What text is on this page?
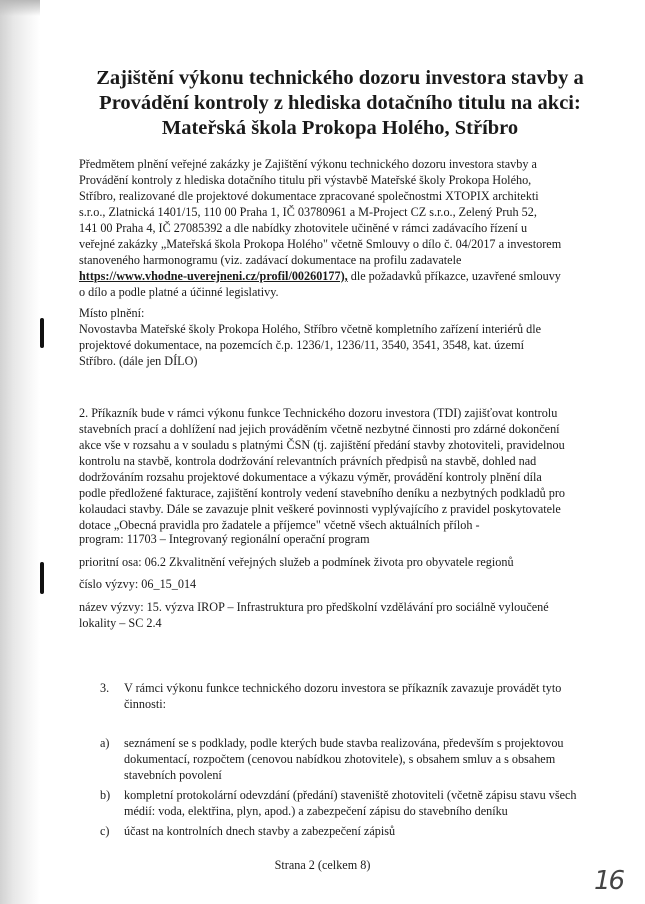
Zajištění výkonu technického dozoru investora stavby a
Provádění kontroly z hlediska dotačního titulu na akci:
Mateřská škola Prokopa Holého, Stříbro
Předmětem plnění veřejné zakázky je Zajištění výkonu technického dozoru investora stavby a
Provádění kontroly z hlediska dotačního titulu při výstavbě Mateřské školy Prokopa Holého,
Stříbro, realizované dle projektové dokumentace zpracované společnostmi XTOPIX architekti
s.r.o., Zlatnická 1401/15, 110 00 Praha 1, IČ 03780961 a M-Project CZ s.r.o., Zelený Pruh 52,
141 00 Praha 4, IČ 27085392 a dle nabídky zhotovitele učiněné v rámci zadávacího řízení u
veřejné zakázky „Mateřská škola Prokopa Holého" včetně Smlouvy o dílo č. 04/2017 a investorem
stanoveného harmonogramu (viz. zadávací dokumentace na profilu zadavatele
https://www.vhodne-uverejneni.cz/profil/00260177), dle požadavků příkazce, uzavřené smlouvy
o dílo a podle platné a účinné legislativy.
Místo plnění:
Novostavba Mateřské školy Prokopa Holého, Stříbro včetně kompletního zařízení interiérů dle
projektové dokumentace, na pozemcích č.p. 1236/1, 1236/11, 3540, 3541, 3548, kat. území
Stříbro. (dále jen DÍLO)
2. Příkazník bude v rámci výkonu funkce Technického dozoru investora (TDI) zajišťovat kontrolu
stavebních prací a dohlížení nad jejich prováděním včetně nezbytné činnosti pro zdárné dokončení
akce vše v rozsahu a v souladu s platnými ČSN (tj. zajištění předání stavby zhotoviteli, pravidelnou
kontrolu na stavbě, kontrola dodržování relevantních právních předpisů na stavbě, dohled nad
dodržováním rozsahu projektové dokumentace a výkazu výměr, provádění kontroly plnění díla
podle předložené fakturace, zajištění kontroly vedení stavebního deníku a nezbytných podkladů pro
kolaudaci stavby. Dále se zavazuje plnit veškeré povinnosti vyplývajícího z pravidel poskytovatele
dotace „Obecná pravidla pro žadatele a příjemce" včetně všech aktuálních příloh -
program: 11703 – Integrovaný regionální operační program
prioritní osa: 06.2 Zkvalitnění veřejných služeb a podmínek života pro obyvatele regionů
číslo výzvy: 06_15_014
název výzvy: 15. výzva IROP – Infrastruktura pro předškolní vzdělávání pro sociálně vyloučené
lokality – SC 2.4
3. V rámci výkonu funkce technického dozoru investora se příkazník zavazuje provádět tyto
činnosti:
a) seznámení se s podklady, podle kterých bude stavba realizována, především s projektovou
dokumentací, rozpočtem (cenovou nabídkou zhotovitele), s obsahem smluv a s obsahem
stavebních povolení
b) kompletní protokolární odevzdání (předání) staveniště zhotoviteli (včetně zápisu stavu všech
médií: voda, elektřina, plyn, apod.) a zabezpečení zápisu do stavebního deníku
c) účast na kontrolních dnech stavby a zabezpečení zápisů
Strana 2 (celkem 8)
16
